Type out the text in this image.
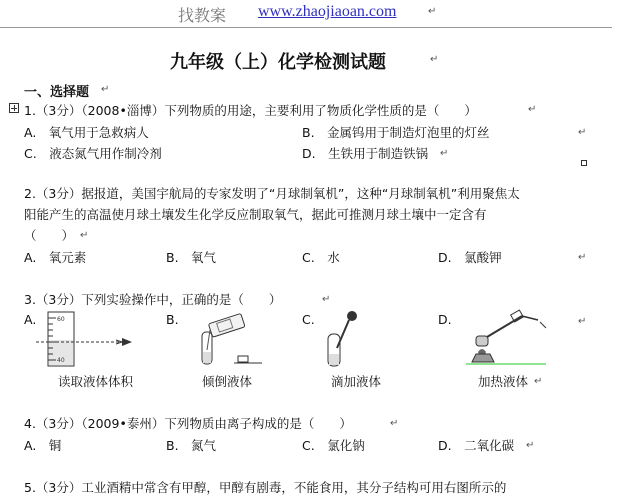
找教案 www.zhaojiaoan.com	↵
九年级（上）化学检测试题	↵
一、选择题 ↵
1.（3分）（2008•淄博）下列物质的用途，主要利用了物质化学性质的是（　　）	↵
A.　氧气用于急救病人	B.　金属钨用于制造灯泡里的灯丝	↵
C.　液态氮气用作制冷剂	D.　生铁用于制造铁锅 ↵
2.（3分）据报道，美国宇航局的专家发明了“月球制氧机”，这种“月球制氧机”利用聚焦太
阳能产生的高温使月球土壤发生化学反应制取氧气，据此可推测月球土壤中一定含有
（　　） ↵
A.　氧元素	B.　氧气	C.　水	D.　氯酸钾	↵
3.（3分）下列实验操作中，正确的是（　　）	↵
A.	B.	C.	D.	↵
60
40
读取液体体积	倾倒液体	滴加液体	加热液体 ↵
4.（3分）（2009•泰州）下列物质由离子构成的是（　　）	↵
A.　铜	B.　氮气	C.　氯化钠	D.　二氧化碳 ↵
5.（3分）工业酒精中常含有甲醇，甲醇有剧毒，不能食用，其分子结构可用右图所示的
